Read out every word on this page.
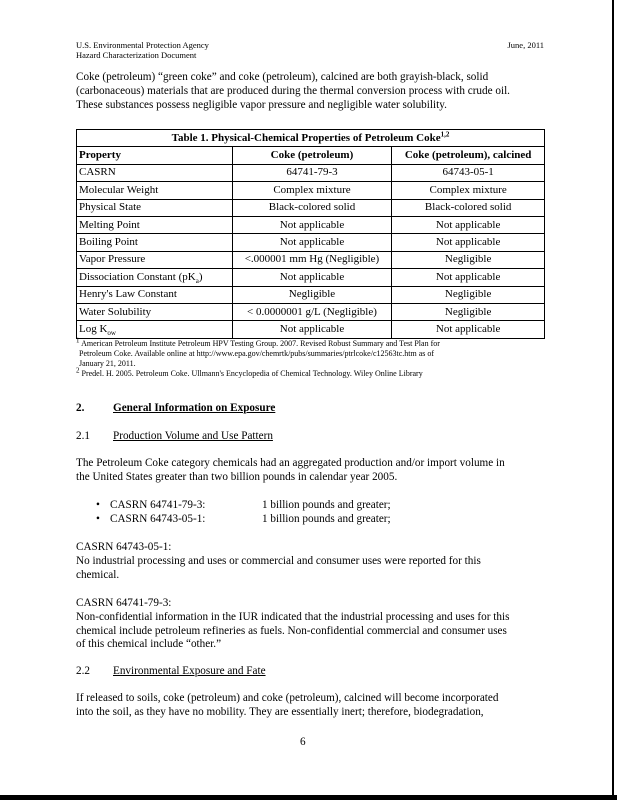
U.S. Environmental Protection Agency
Hazard Characterization Document
June, 2011
Coke (petroleum) “green coke” and coke (petroleum), calcined are both grayish-black, solid
(carbonaceous) materials that are produced during the thermal conversion process with crude oil.
These substances possess negligible vapor pressure and negligible water solubility.
Table 1. Physical-Chemical Properties of Petroleum Coke$^{1,2}$
Property	Coke (petroleum)	Coke (petroleum), calcined
CASRN	64741-79-3	64743-05-1
Molecular Weight	Complex mixture	Complex mixture
Physical State	Black-colored solid	Black-colored solid
Melting Point	Not applicable	Not applicable
Boiling Point	Not applicable	Not applicable
Vapor Pressure	<.000001 mm Hg (Negligible)	Negligible
Dissociation Constant $(pK_a)$	Not applicable	Not applicable
Henry's Law Constant	Negligible	Negligible
Water Solubility	< 0.0000001 g/L (Negligible)	Negligible
Log $K_{ow}$	Not applicable	Not applicable
$^1$ American Petroleum Institute Petroleum HPV Testing Group. 2007. Revised Robust Summary and Test Plan for
Petroleum Coke. Available online at http://www.epa.gov/chemrtk/pubs/summaries/ptrlcoke/c12563tc.htm as of
January 21, 2011.
$^2$ Predel. H. 2005. Petroleum Coke. Ullmann's Encyclopedia of Chemical Technology. Wiley Online Library
2.	General Information on Exposure
2.1 Production Volume and Use Pattern
The Petroleum Coke category chemicals had an aggregated production and/or import volume in
the United States greater than two billion pounds in calendar year 2005.
• CASRN 64741-79-3:	1 billion pounds and greater;
• CASRN 64743-05-1:	1 billion pounds and greater;
CASRN 64743-05-1:
No industrial processing and uses or commercial and consumer uses were reported for this
chemical.
CASRN 64741-79-3:
Non-confidential information in the IUR indicated that the industrial processing and uses for this
chemical include petroleum refineries as fuels. Non-confidential commercial and consumer uses
of this chemical include “other.”
2.2 Environmental Exposure and Fate
If released to soils, coke (petroleum) and coke (petroleum), calcined will become incorporated
into the soil, as they have no mobility. They are essentially inert; therefore, biodegradation,
6
